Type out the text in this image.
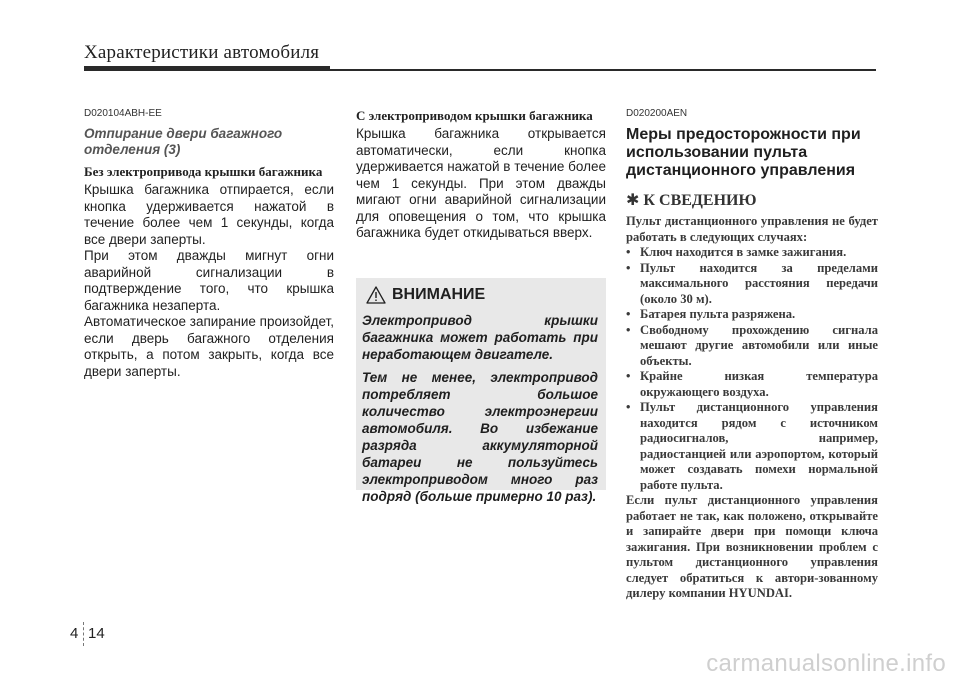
Характеристики автомобиля
D020104ABH-EE
Отпирание двери багажного отделения (3)
Без электропривода крышки багажника

Крышка багажника отпирается, если кнопка удерживается нажатой в течение более чем 1 секунды, когда все двери заперты.

При этом дважды мигнут огни аварийной сигнализации в подтверждение того, что крышка багажника незаперта.

Автоматическое запирание произойдет, если дверь багажного отделения открыть, а потом закрыть, когда все двери заперты.

С электроприводом крышки багажника

Крышка багажника открывается автоматически, если кнопка удерживается нажатой в течение более чем 1 секунды. При этом дважды мигают огни аварийной сигнализации для оповещения о том, что крышка багажника будет откидываться вверх.

ВНИМАНИЕ

Электропривод крышки багажника может работать при неработающем двигателе.

Тем не менее, электропривод потребляет большое количество электроэнергии автомобиля. Во избежание разряда аккумуляторной батареи не пользуйтесь электроприводом много раз подряд (больше примерно 10 раз).

D020200AEN
Меры предосторожности при использовании пульта дистанционного управления
✱ К СВЕДЕНИЮ

Пульт дистанционного управления не будет работать в следующих случаях:

• Ключ находится в замке зажигания.
• Пульт находится за пределами максимального расстояния передачи (около 30 м).
• Батарея пульта разряжена.
• Свободному прохождению сигнала мешают другие автомобили или иные объекты.
• Крайне низкая температура окружающего воздуха.
• Пульт дистанционного управления находится рядом с источником радиосигналов, например, радиостанцией или аэропортом, который может создавать помехи нормальной работе пульта.

Если пульт дистанционного управления работает не так, как положено, открывайте и запирайте двери при помощи ключа зажигания. При возникновении проблем с пультом дистанционного управления следует обратиться к автори-зованному дилеру компании HYUNDAI.

4 14
carmanualsonline.info
